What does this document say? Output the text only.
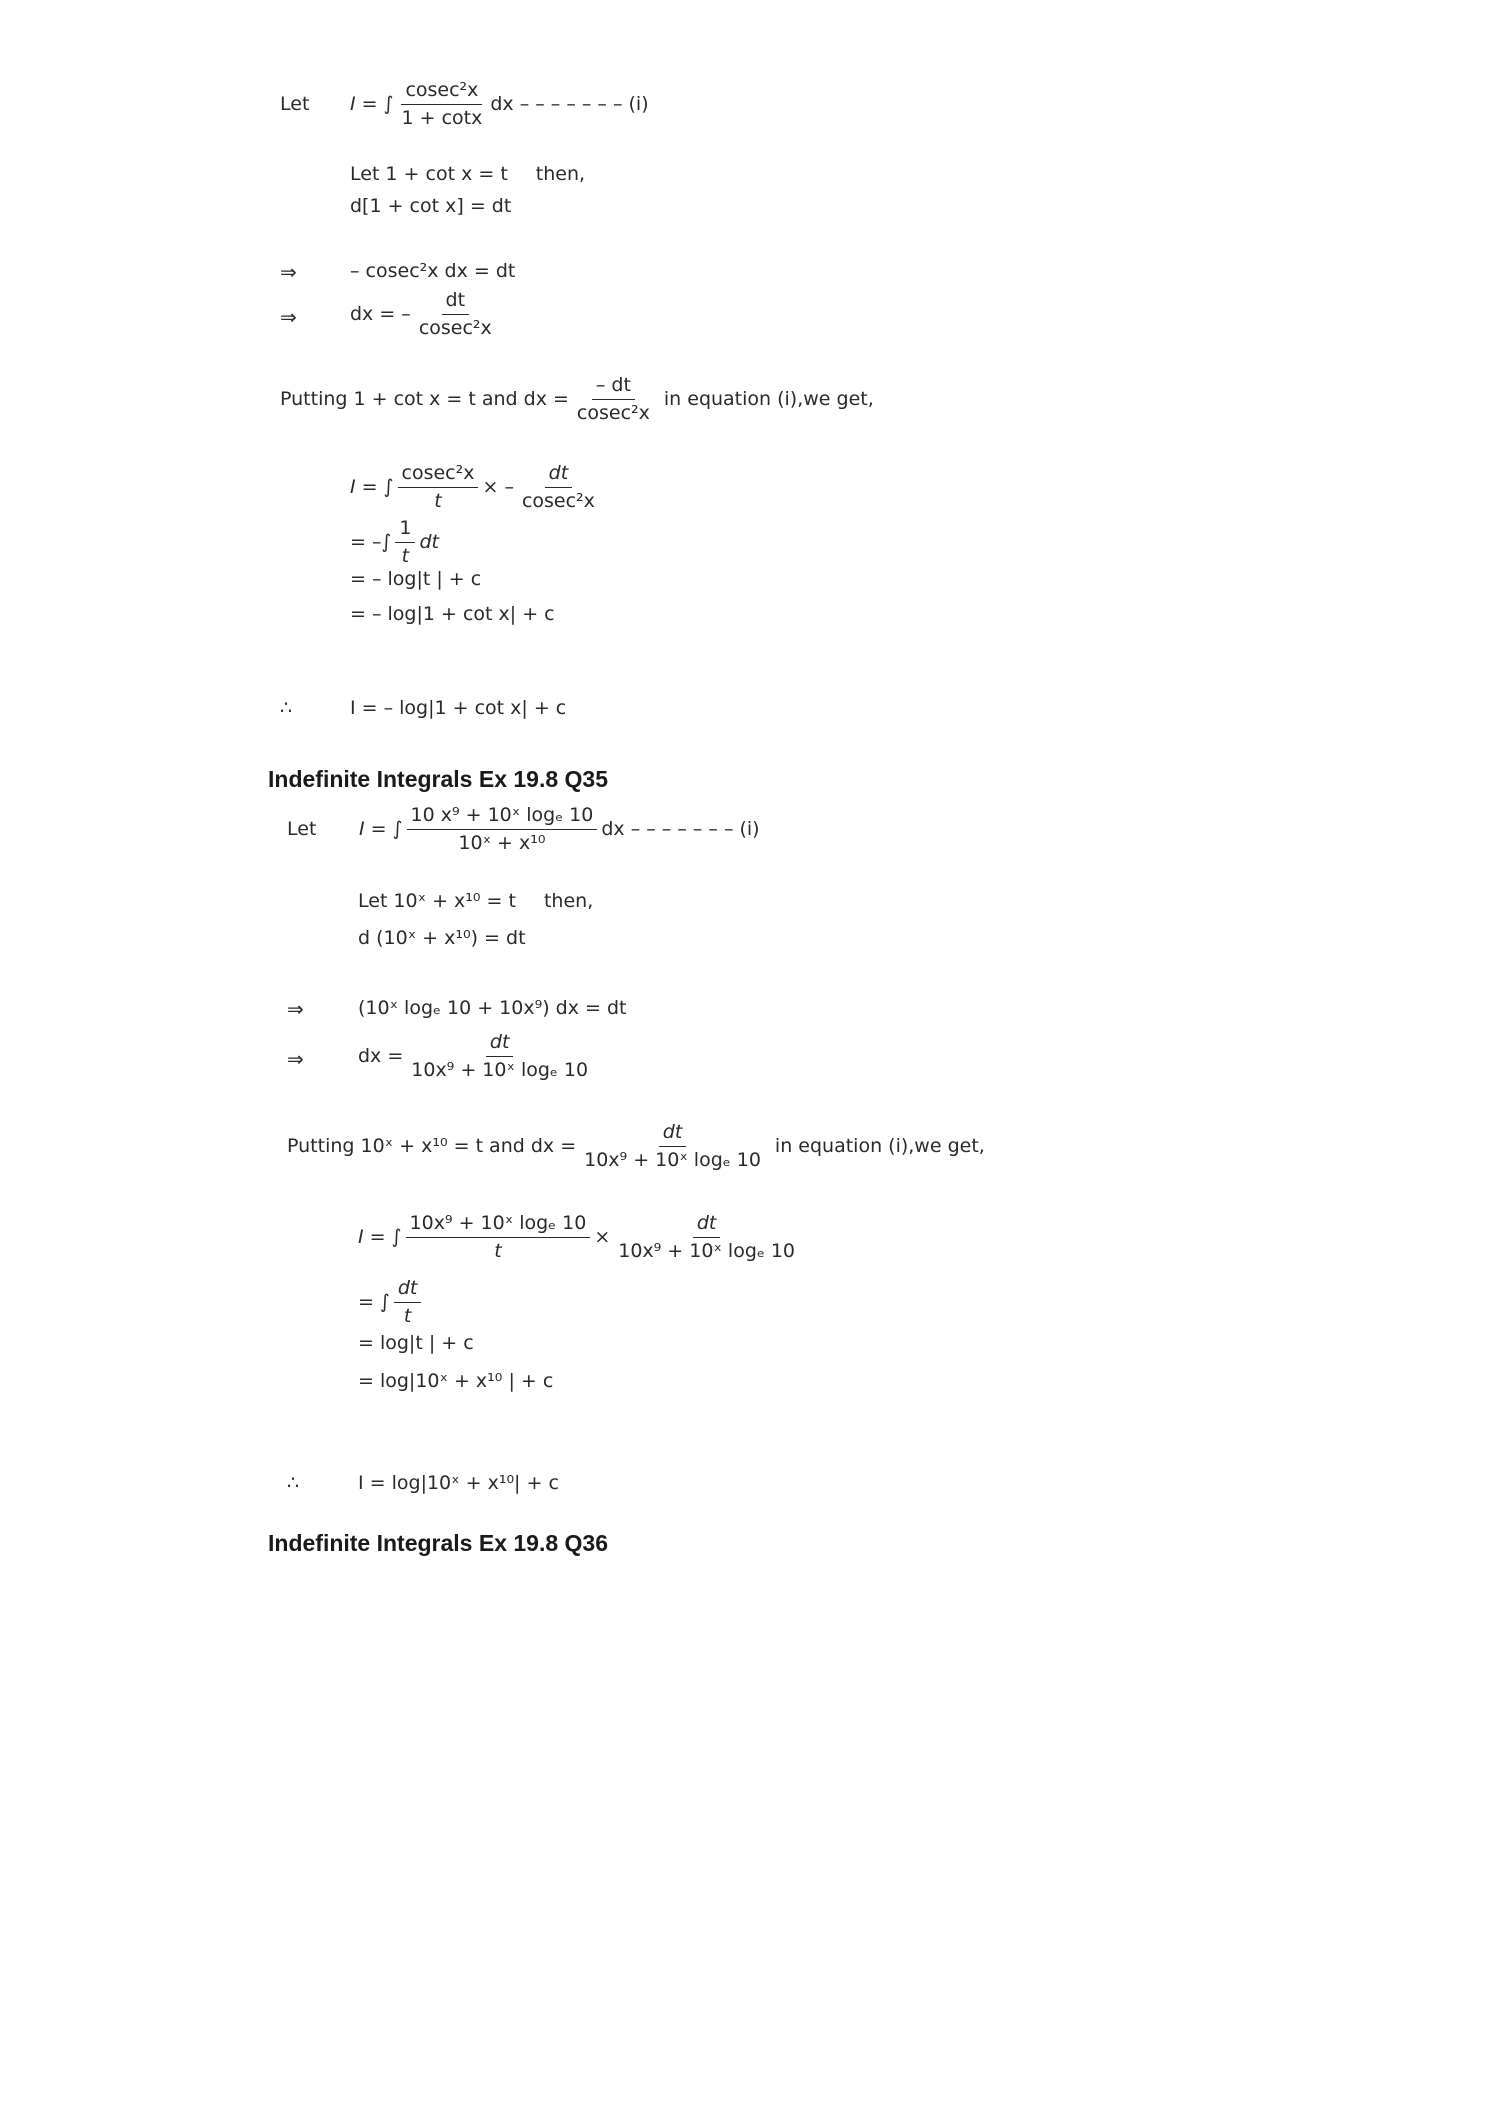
Let	I = ∫ $\frac{\text{cosec²x}}{1 + \cot x}$ dx – – – – – – – (i)
Let 1 + cot x = t then,
d[1 + cot x] = dt
⇒	– cosec²x dx = dt
⇒	dx = – $\frac{dt}{\text{cosec²x}}$
Putting 1 + cot x = t and dx = $\frac{- dt}{\text{cosec²x}}$ in equation (i),we get,
I = ∫ $\frac{\text{cosec²x}}{t}$ × – $\frac{dt}{\text{cosec²x}}$
= –∫ $\frac{1}{t}$ dt
= – log|t | + c
= – log|1 + cot x| + c
∴	I = – log|1 + cot x| + c
Indefinite Integrals Ex 19.8 Q35
Let	I = ∫ $\frac{\text{10 x⁹ + 10ˣ logₑ 10}}{\text{10ˣ + x¹⁰}}$ dx – – – – – – – (i)
Let 10ˣ + x¹⁰ = t then,
d (10ˣ + x¹⁰) = dt
⇒	(10ˣ logₑ 10 + 10x⁹) dx = dt
⇒	dx = $\frac{dt}{\text{10x⁹ + 10ˣ logₑ 10}}$
Putting 10ˣ + x¹⁰ = t and dx = $\frac{dt}{\text{10x⁹ + 10ˣ logₑ 10}}$ in equation (i),we get,
I = ∫ $\frac{\text{10x⁹ + 10ˣ logₑ 10}}{t} \times \frac{dt}{\text{10x⁹ + 10ˣ logₑ 10}}$
= ∫ $\frac{dt}{t}$
= log|t | + c
= log|10ˣ + x¹⁰ | + c
∴	I = log|10ˣ + x¹⁰| + c
Indefinite Integrals Ex 19.8 Q36
